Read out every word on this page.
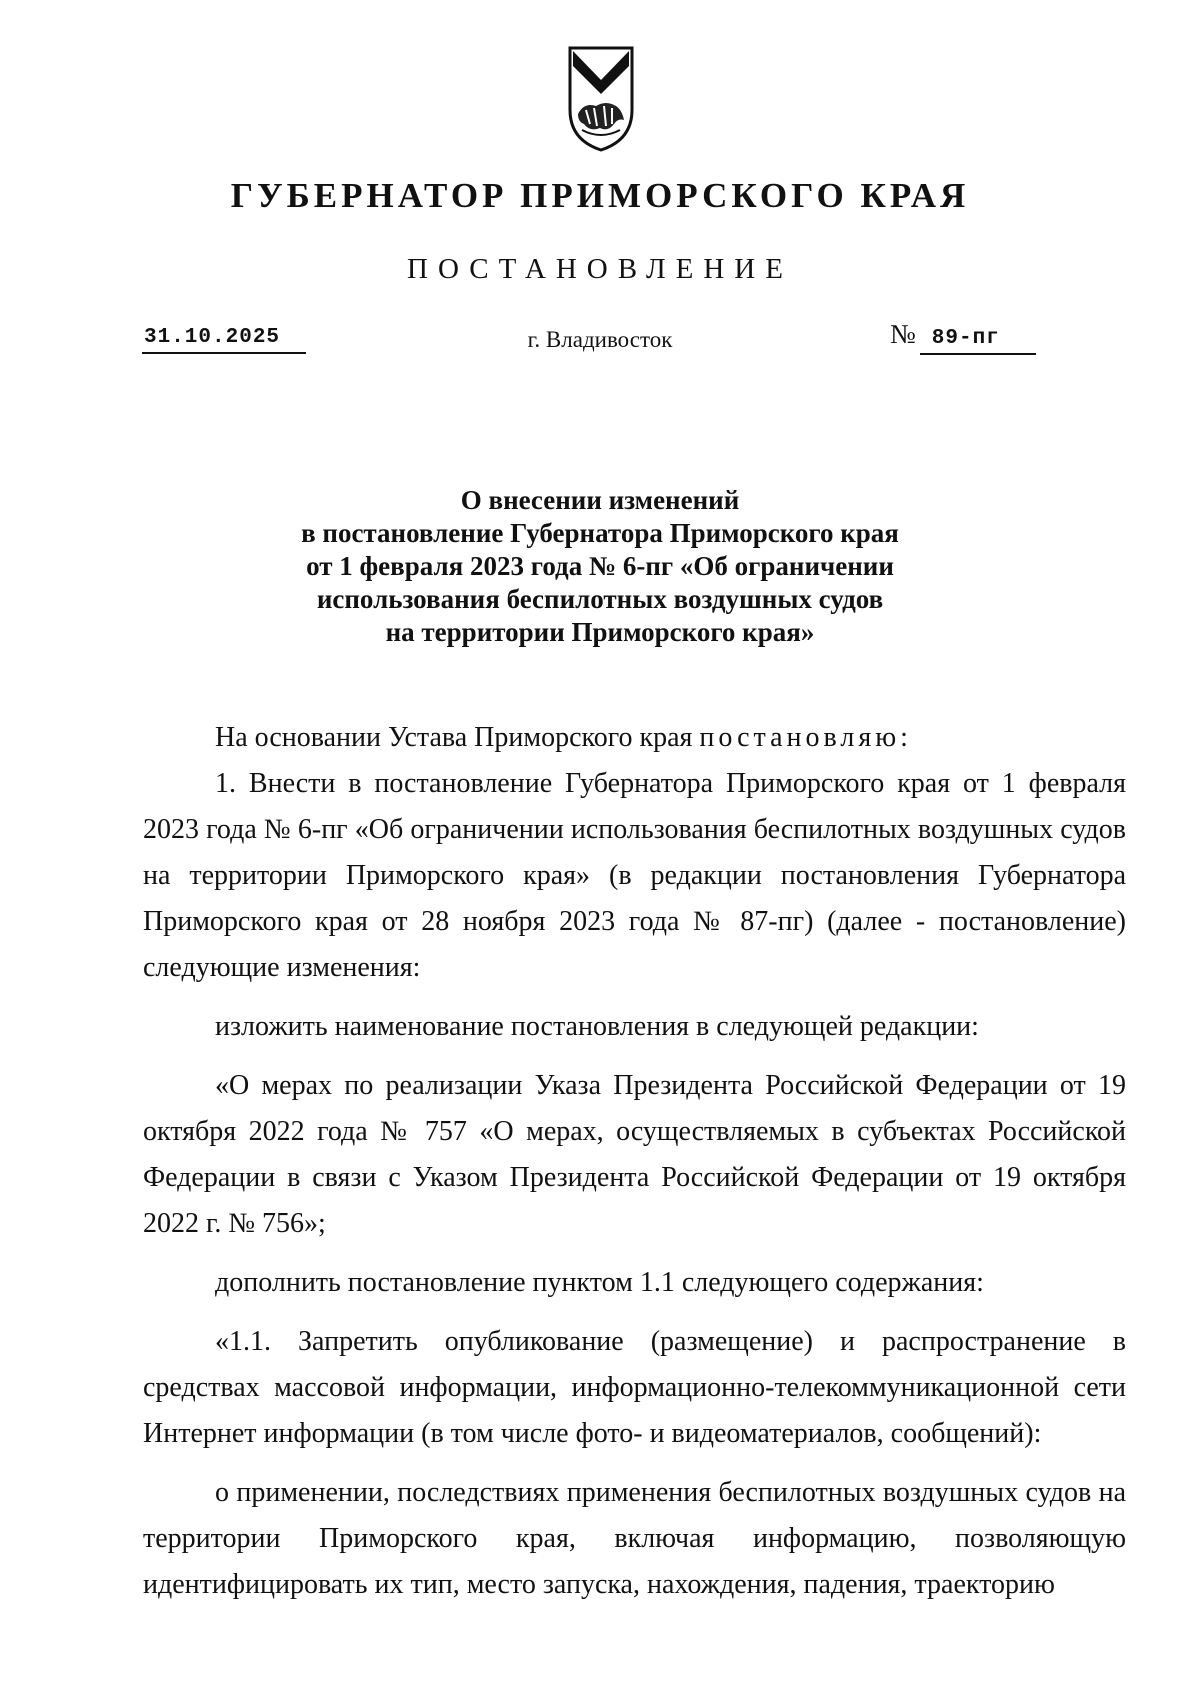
ГУБЕРНАТОР ПРИМОРСКОГО КРАЯ
ПОСТАНОВЛЕНИЕ
31.10.2025	г. Владивосток	№ 89-пг
О внесении изменений
в постановление Губернатора Приморского края
от 1 февраля 2023 года № 6-пг «Об ограничении
использования беспилотных воздушных судов
на территории Приморского края»

На основании Устава Приморского края постановляю:

1. Внести в постановление Губернатора Приморского края от 1 февраля 2023 года № 6-пг «Об ограничении использования беспилотных воздушных судов на территории Приморского края» (в редакции постановления Губернатора Приморского края от 28 ноября 2023 года № 87-пг) (далее - постановление) следующие изменения:

изложить наименование постановления в следующей редакции:

«О мерах по реализации Указа Президента Российской Федерации от 19 октября 2022 года № 757 «О мерах, осуществляемых в субъектах Российской Федерации в связи с Указом Президента Российской Федерации от 19 октября 2022 г. № 756»;

дополнить постановление пунктом 1.1 следующего содержания:

«1.1. Запретить опубликование (размещение) и распространение в средствах массовой информации, информационно-телекоммуникационной сети Интернет информации (в том числе фото- и видеоматериалов, сообщений):

о применении, последствиях применения беспилотных воздушных судов на территории Приморского края, включая информацию, позволяющую идентифицировать их тип, место запуска, нахождения, падения, траекторию
